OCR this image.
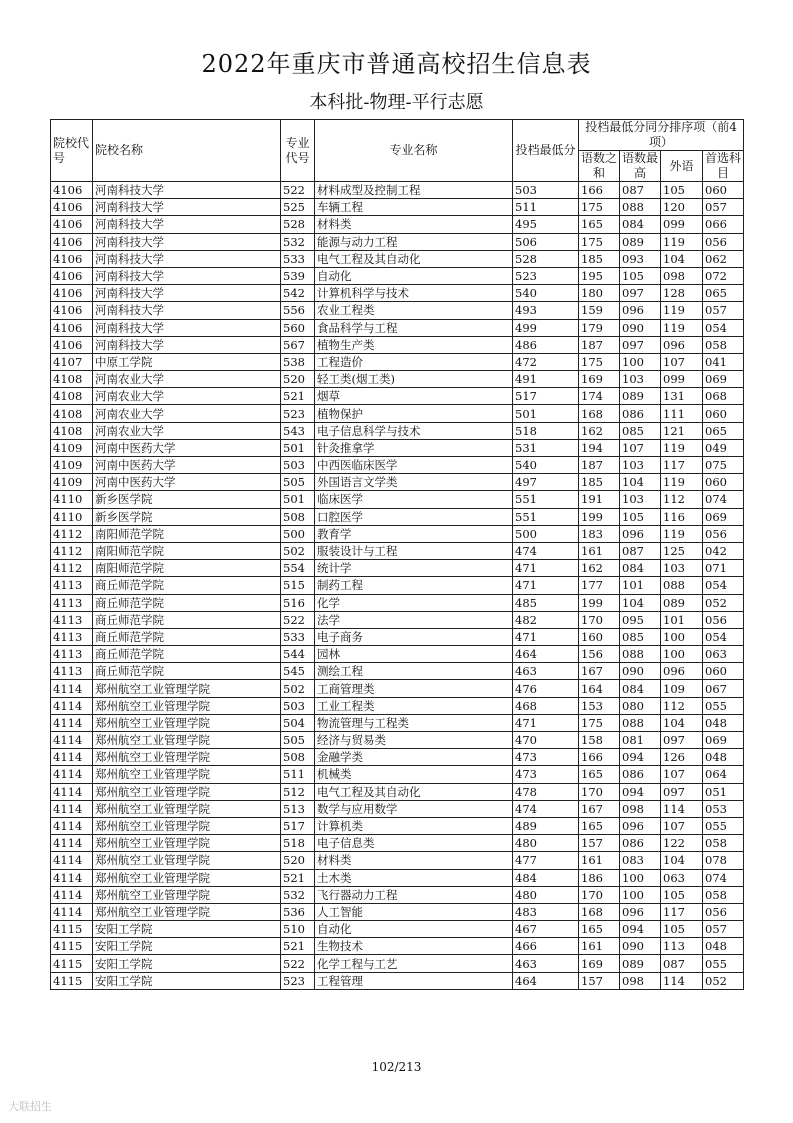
2022年重庆市普通高校招生信息表
本科批-物理-平行志愿
院校代号	院校名称	专业代号	专业名称	投档最低分	投档最低分同分排序项（前4项）			
					语数之和	语数最高	外语	首选科目
4106	河南科技大学	522	材料成型及控制工程	503	166	087	105	060
4106	河南科技大学	525	车辆工程	511	175	088	120	057
4106	河南科技大学	528	材料类	495	165	084	099	066
4106	河南科技大学	532	能源与动力工程	506	175	089	119	056
4106	河南科技大学	533	电气工程及其自动化	528	185	093	104	062
4106	河南科技大学	539	自动化	523	195	105	098	072
4106	河南科技大学	542	计算机科学与技术	540	180	097	128	065
4106	河南科技大学	556	农业工程类	493	159	096	119	057
4106	河南科技大学	560	食品科学与工程	499	179	090	119	054
4106	河南科技大学	567	植物生产类	486	187	097	096	058
4107	中原工学院	538	工程造价	472	175	100	107	041
4108	河南农业大学	520	轻工类(烟工类)	491	169	103	099	069
4108	河南农业大学	521	烟草	517	174	089	131	068
4108	河南农业大学	523	植物保护	501	168	086	111	060
4108	河南农业大学	543	电子信息科学与技术	518	162	085	121	065
4109	河南中医药大学	501	针灸推拿学	531	194	107	119	049
4109	河南中医药大学	503	中西医临床医学	540	187	103	117	075
4109	河南中医药大学	505	外国语言文学类	497	185	104	119	060
4110	新乡医学院	501	临床医学	551	191	103	112	074
4110	新乡医学院	508	口腔医学	551	199	105	116	069
4112	南阳师范学院	500	教育学	500	183	096	119	056
4112	南阳师范学院	502	服装设计与工程	474	161	087	125	042
4112	南阳师范学院	554	统计学	471	162	084	103	071
4113	商丘师范学院	515	制药工程	471	177	101	088	054
4113	商丘师范学院	516	化学	485	199	104	089	052
4113	商丘师范学院	522	法学	482	170	095	101	056
4113	商丘师范学院	533	电子商务	471	160	085	100	054
4113	商丘师范学院	544	园林	464	156	088	100	063
4113	商丘师范学院	545	测绘工程	463	167	090	096	060
4114	郑州航空工业管理学院	502	工商管理类	476	164	084	109	067
4114	郑州航空工业管理学院	503	工业工程类	468	153	080	112	055
4114	郑州航空工业管理学院	504	物流管理与工程类	471	175	088	104	048
4114	郑州航空工业管理学院	505	经济与贸易类	470	158	081	097	069
4114	郑州航空工业管理学院	508	金融学类	473	166	094	126	048
4114	郑州航空工业管理学院	511	机械类	473	165	086	107	064
4114	郑州航空工业管理学院	512	电气工程及其自动化	478	170	094	097	051
4114	郑州航空工业管理学院	513	数学与应用数学	474	167	098	114	053
4114	郑州航空工业管理学院	517	计算机类	489	165	096	107	055
4114	郑州航空工业管理学院	518	电子信息类	480	157	086	122	058
4114	郑州航空工业管理学院	520	材料类	477	161	083	104	078
4114	郑州航空工业管理学院	521	土木类	484	186	100	063	074
4114	郑州航空工业管理学院	532	飞行器动力工程	480	170	100	105	058
4114	郑州航空工业管理学院	536	人工智能	483	168	096	117	056
4115	安阳工学院	510	自动化	467	165	094	105	057
4115	安阳工学院	521	生物技术	466	161	090	113	048
4115	安阳工学院	522	化学工程与工艺	463	169	089	087	055
4115	安阳工学院	523	工程管理	464	157	098	114	052
102/213
大联招生
